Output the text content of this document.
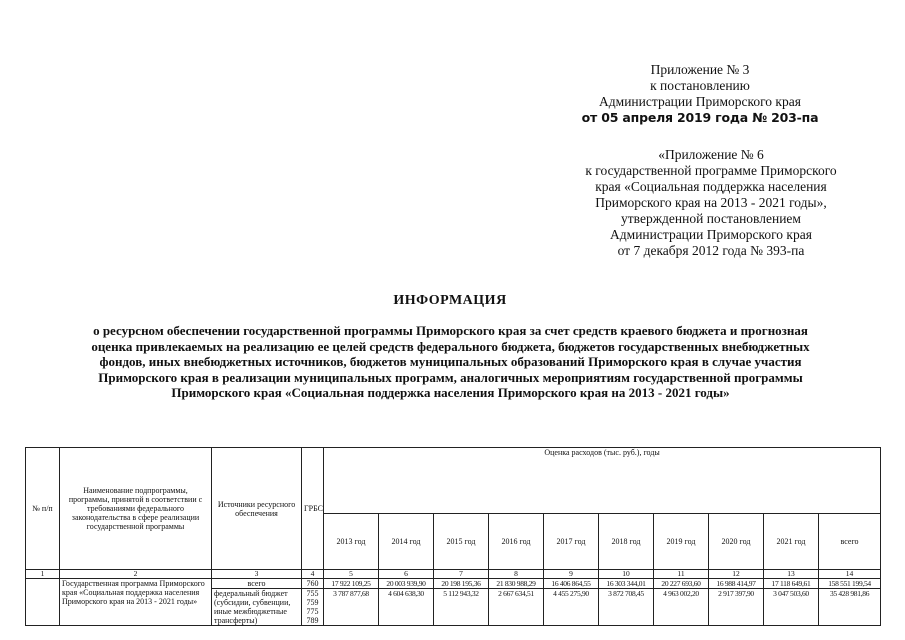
Приложение № 3
к постановлению
Администрации Приморского края
от 05 апреля 2019 года № 203-па
«Приложение № 6
к государственной программе Приморского
края «Социальная поддержка населения
Приморского края на 2013 - 2021 годы»,
утвержденной постановлением
Администрации Приморского края
от 7 декабря 2012 года № 393-па
ИНФОРМАЦИЯ
о ресурсном обеспечении государственной программы Приморского края за счет средств краевого бюджета и прогнозная оценка привлекаемых на реализацию ее целей средств федерального бюджета, бюджетов государственных внебюджетных фондов, иных внебюджетных источников, бюджетов муниципальных образований Приморского края в случае участия Приморского края в реализации муниципальных программ, аналогичных мероприятиям государственной программы Приморского края «Социальная поддержка населения Приморского края на 2013 - 2021 годы»
№ п/п	Наименование подпрограммы, программы, принятой в соответствии с требованиями федерального законодательства в сфере реализации государственной программы	Источники ресурсного обеспечения	ГРБС	Оценка расходов (тыс. руб.), годы									
				2013 год	2014 год	2015 год	2016 год	2017 год	2018 год	2019 год	2020 год	2021 год	всего
1	2	3	4	5	6	7	8	9	10	11	12	13	14
	Государственная программа Приморского края «Социальная поддержка населения Приморского края на 2013 - 2021 годы»	всего	760	17 922 109,25	20 003 939,90	20 198 195,36	21 830 988,29	16 406 864,55	16 303 344,01	20 227 693,60	16 988 414,97	17 118 649,61	158 551 199,54
		федеральный бюджет (субсидии, субвенции, иные межбюджетные трансферты)	755
759
775
789	3 787 877,68	4 604 638,30	5 112 943,32	2 667 634,51	4 455 275,90	3 872 708,45	4 963 002,20	2 917 397,90	3 047 503,60	35 428 981,86
